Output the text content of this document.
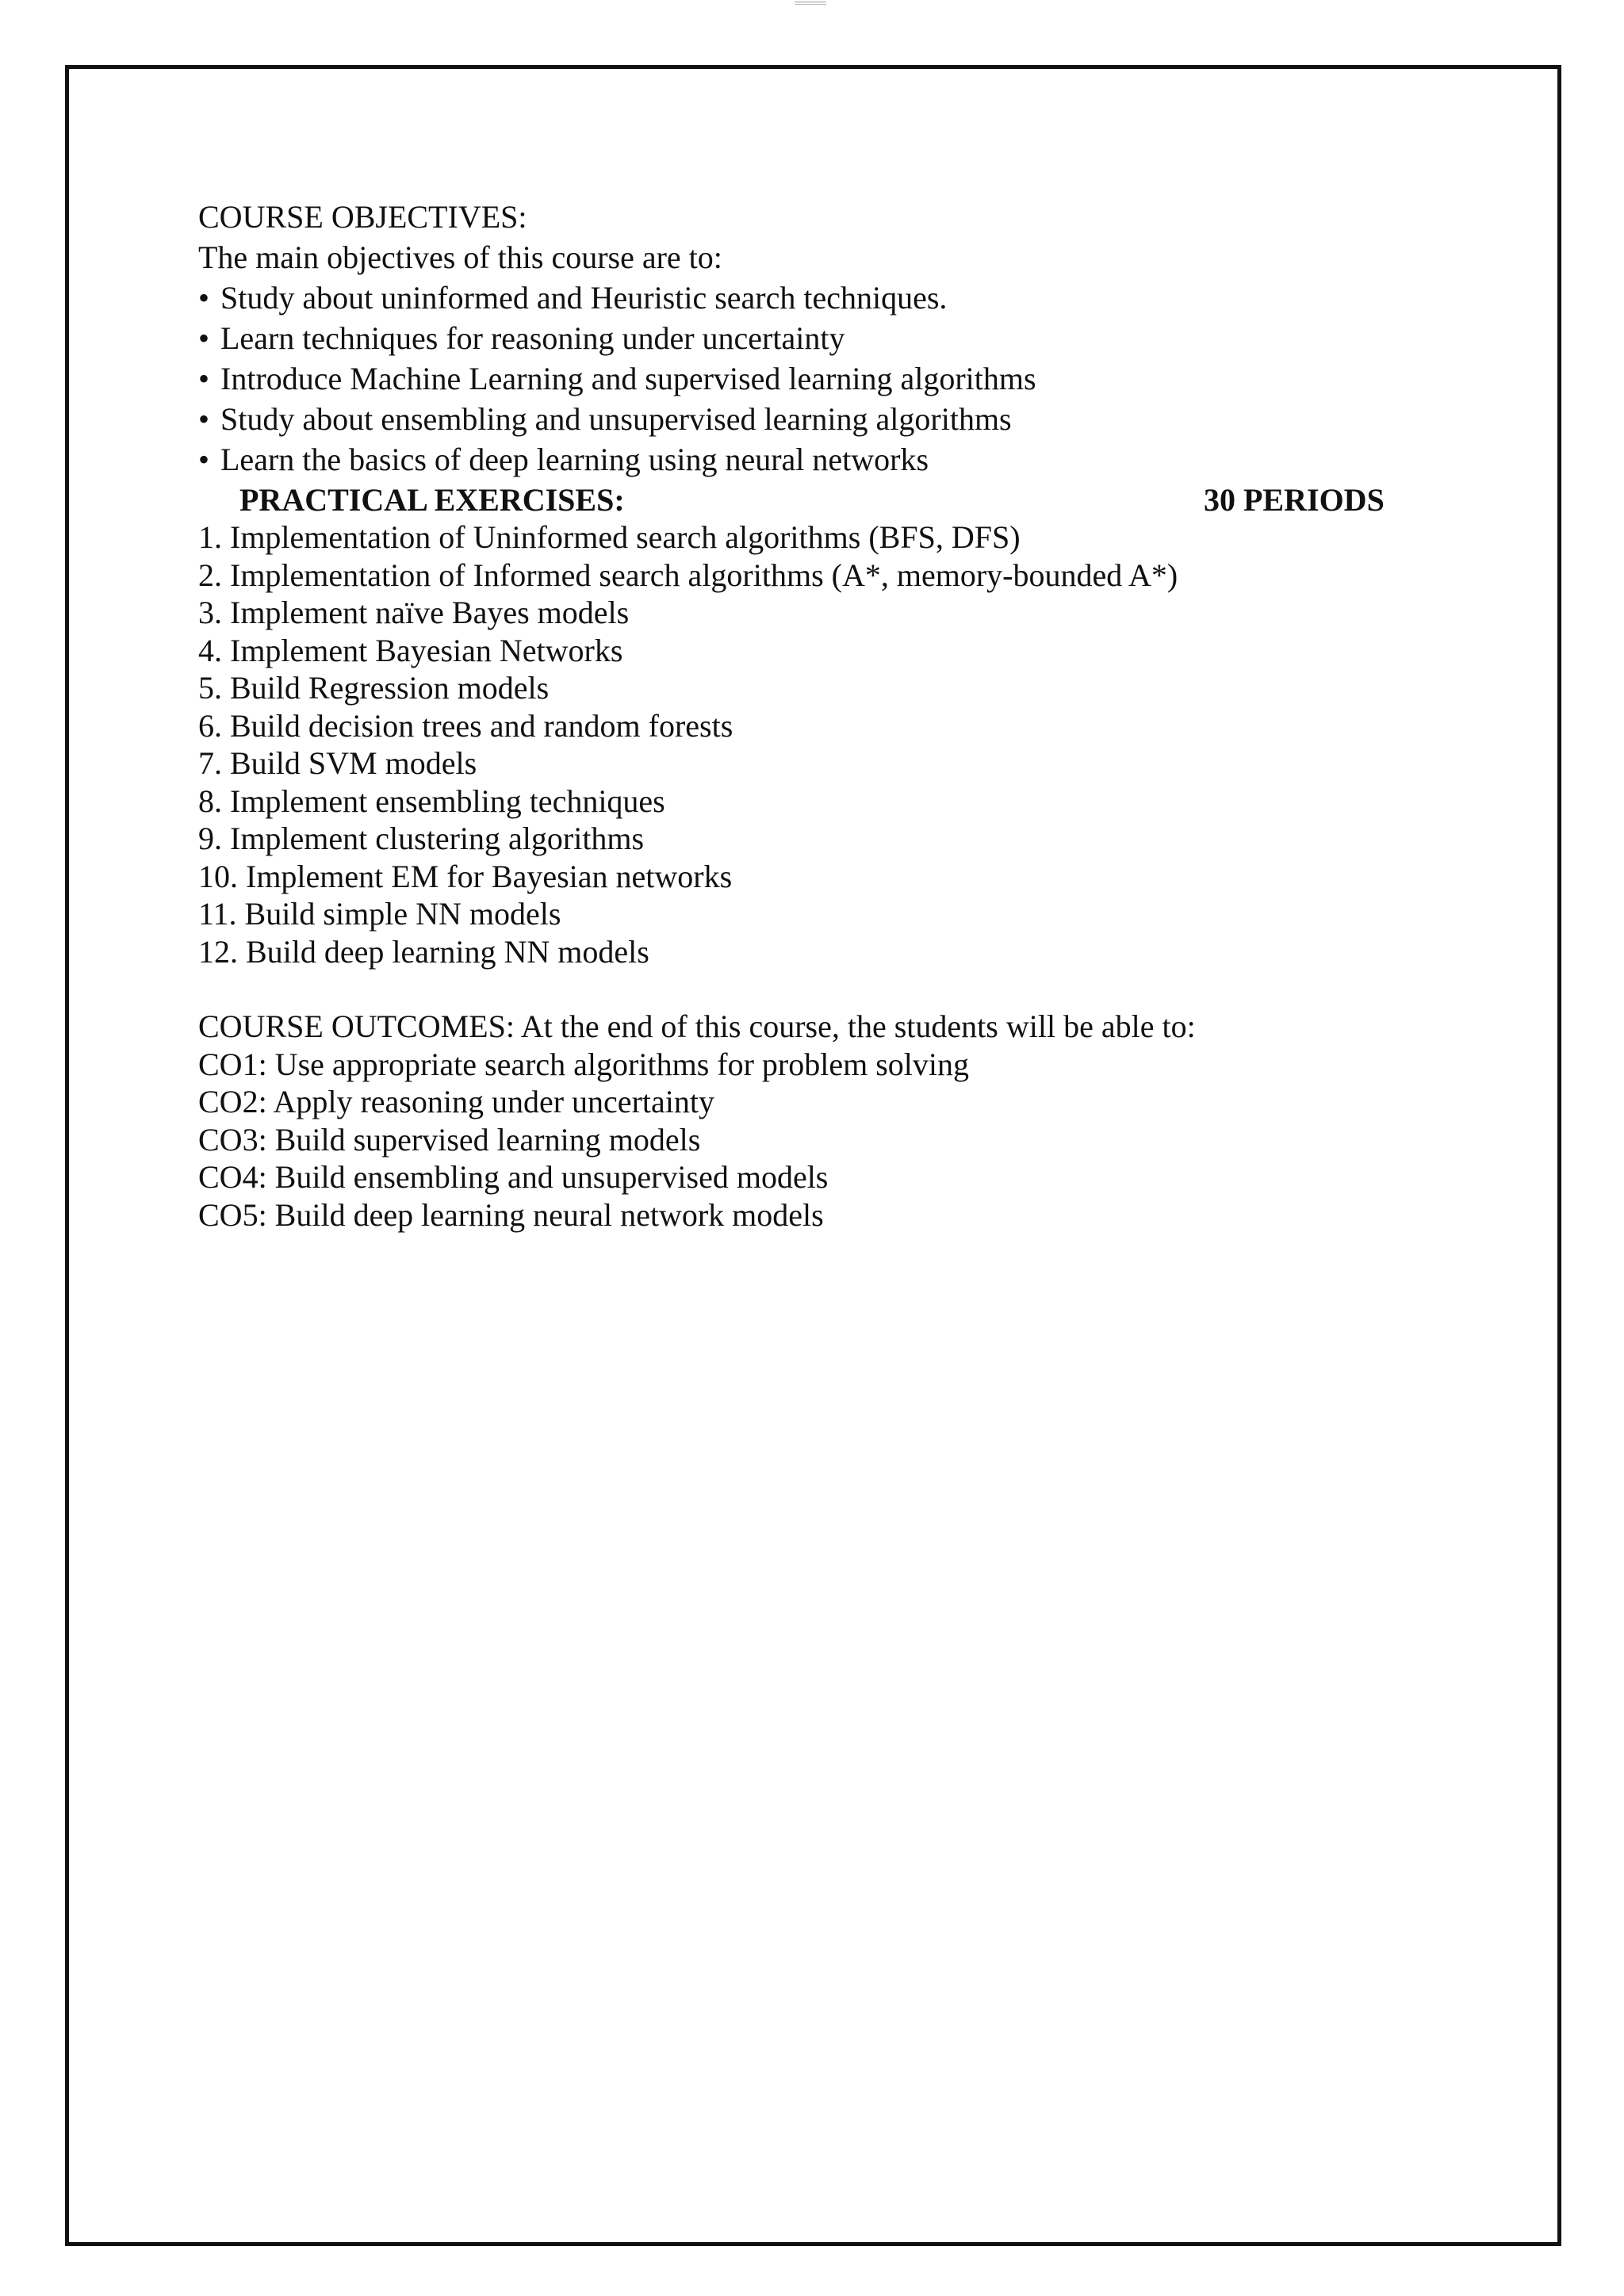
COURSE OBJECTIVES:
The main objectives of this course are to:
• Study about uninformed and Heuristic search techniques.
• Learn techniques for reasoning under uncertainty
• Introduce Machine Learning and supervised learning algorithms
• Study about ensembling and unsupervised learning algorithms
• Learn the basics of deep learning using neural networks
PRACTICAL EXERCISES:	30 PERIODS
1. Implementation of Uninformed search algorithms (BFS, DFS)
2. Implementation of Informed search algorithms (A*, memory-bounded A*)
3. Implement naïve Bayes models
4. Implement Bayesian Networks
5. Build Regression models
6. Build decision trees and random forests
7. Build SVM models
8. Implement ensembling techniques
9. Implement clustering algorithms
10. Implement EM for Bayesian networks
11. Build simple NN models
12. Build deep learning NN models
COURSE OUTCOMES: At the end of this course, the students will be able to:
CO1: Use appropriate search algorithms for problem solving
CO2: Apply reasoning under uncertainty
CO3: Build supervised learning models
CO4: Build ensembling and unsupervised models
CO5: Build deep learning neural network models
